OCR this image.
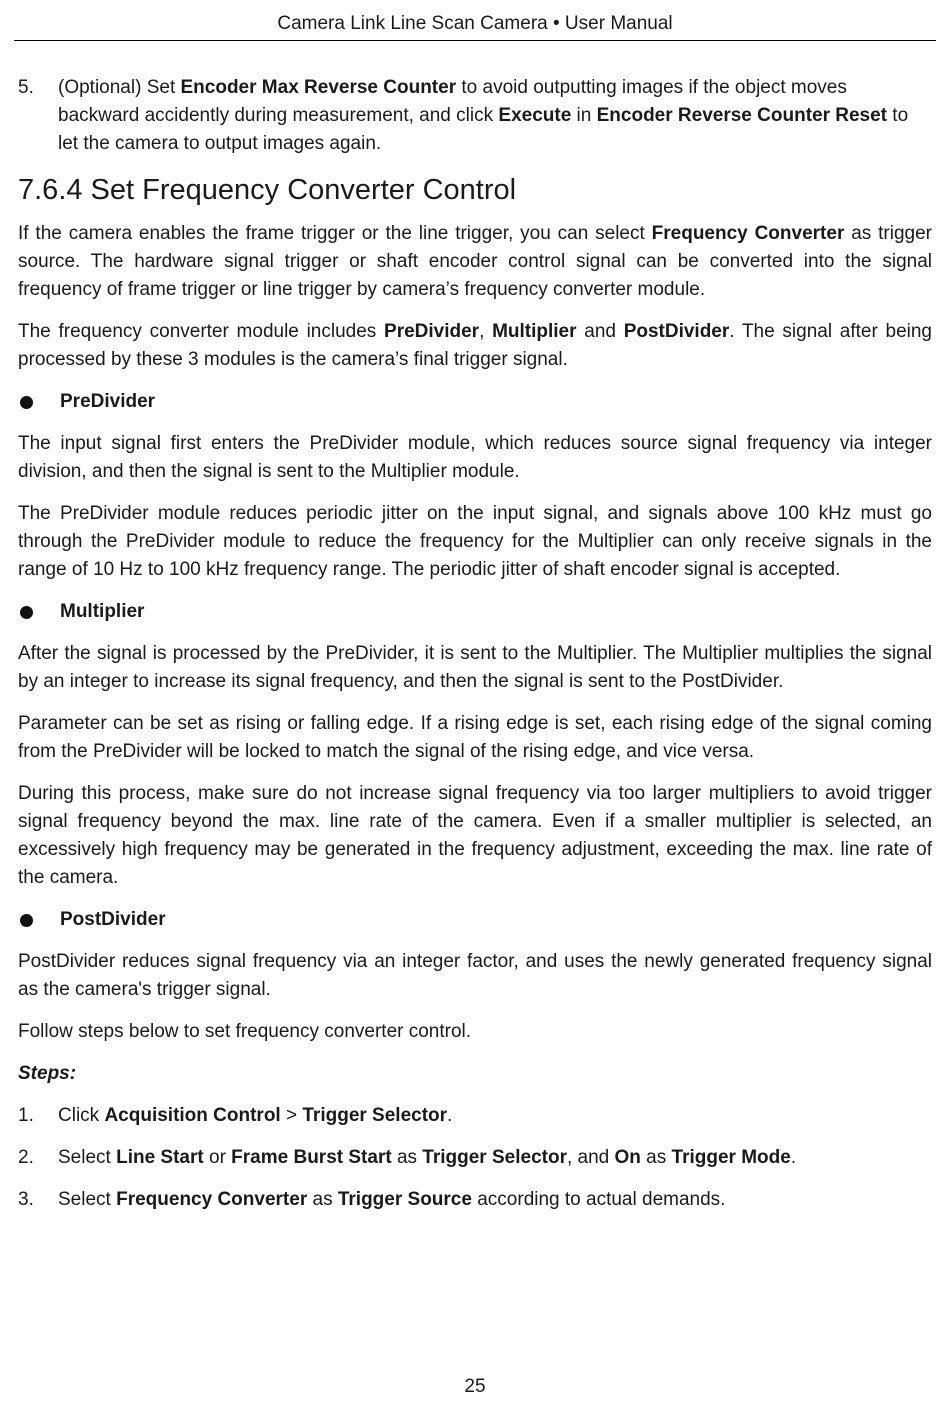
Camera Link Line Scan Camera • User Manual
5.	(Optional) Set Encoder Max Reverse Counter to avoid outputting images if the object moves backward accidently during measurement, and click Execute in Encoder Reverse Counter Reset to let the camera to output images again.
7.6.4 Set Frequency Converter Control

If the camera enables the frame trigger or the line trigger, you can select Frequency Converter as trigger source. The hardware signal trigger or shaft encoder control signal can be converted into the signal frequency of frame trigger or line trigger by camera’s frequency converter module.

The frequency converter module includes PreDivider, Multiplier and PostDivider. The signal after being processed by these 3 modules is the camera’s final trigger signal.

PreDivider

The input signal first enters the PreDivider module, which reduces source signal frequency via integer division, and then the signal is sent to the Multiplier module.

The PreDivider module reduces periodic jitter on the input signal, and signals above 100 kHz must go through the PreDivider module to reduce the frequency for the Multiplier can only receive signals in the range of 10 Hz to 100 kHz frequency range. The periodic jitter of shaft encoder signal is accepted.

Multiplier

After the signal is processed by the PreDivider, it is sent to the Multiplier. The Multiplier multiplies the signal by an integer to increase its signal frequency, and then the signal is sent to the PostDivider.

Parameter can be set as rising or falling edge. If a rising edge is set, each rising edge of the signal coming from the PreDivider will be locked to match the signal of the rising edge, and vice versa.

During this process, make sure do not increase signal frequency via too larger multipliers to avoid trigger signal frequency beyond the max. line rate of the camera. Even if a smaller multiplier is selected, an excessively high frequency may be generated in the frequency adjustment, exceeding the max. line rate of the camera.

PostDivider

PostDivider reduces signal frequency via an integer factor, and uses the newly generated frequency signal as the camera's trigger signal.

Follow steps below to set frequency converter control.

Steps:
1.	Click Acquisition Control > Trigger Selector.
2.	Select Line Start or Frame Burst Start as Trigger Selector, and On as Trigger Mode.
3.	Select Frequency Converter as Trigger Source according to actual demands.
25
